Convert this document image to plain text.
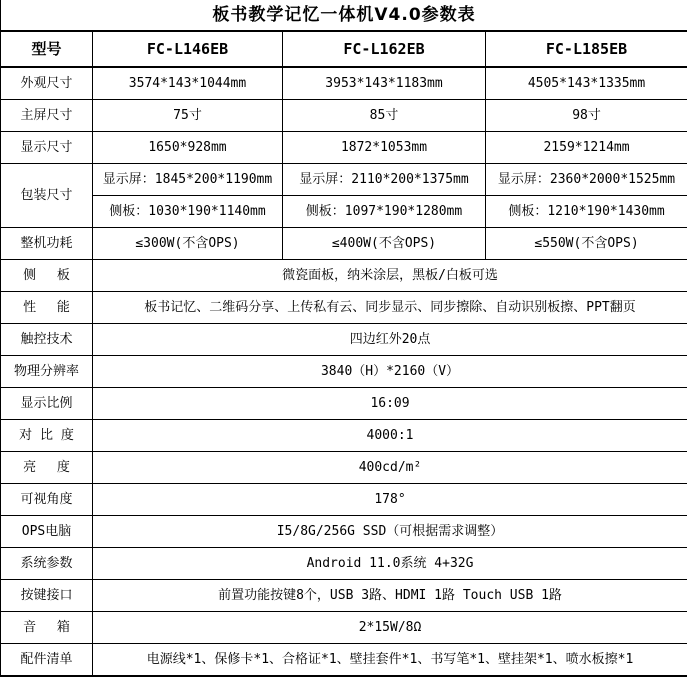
板书教学记忆一体机V4.0参数表			
型号	FC-L146EB	FC-L162EB	FC-L185EB
外观尺寸	3574*143*1044mm	3953*143*1183mm	4505*143*1335mm
主屏尺寸	75寸	85寸	98寸
显示尺寸	1650*928mm	1872*1053mm	2159*1214mm
包装尺寸	显示屏：1845*200*1190mm	显示屏：2110*200*1375mm	显示屏：2360*2000*1525mm
	侧板：1030*190*1140mm	侧板：1097*190*1280mm	侧板：1210*190*1430mm
整机功耗	≤300W(不含OPS)	≤400W(不含OPS)	≤550W(不含OPS)
侧　 板	微瓷面板，纳米涂层，黑板/白板可选		
性　 能	板书记忆、二维码分享、上传私有云、同步显示、同步擦除、自动识别板擦、PPT翻页		
触控技术	四边红外20点		
物理分辨率	3840（H）*2160（V）		
显示比例	16:09		
对 比 度	4000:1		
亮　 度	400cd/m²		
可视角度	178°		
OPS电脑	I5/8G/256G SSD（可根据需求调整）		
系统参数	Android 11.0系统 4+32G		
按键接口	前置功能按键8个，USB 3路、HDMI 1路 Touch USB 1路		
音　 箱	2*15W/8Ω		
配件清单	电源线*1、保修卡*1、合格证*1、壁挂套件*1、书写笔*1、壁挂架*1、喷水板擦*1		
